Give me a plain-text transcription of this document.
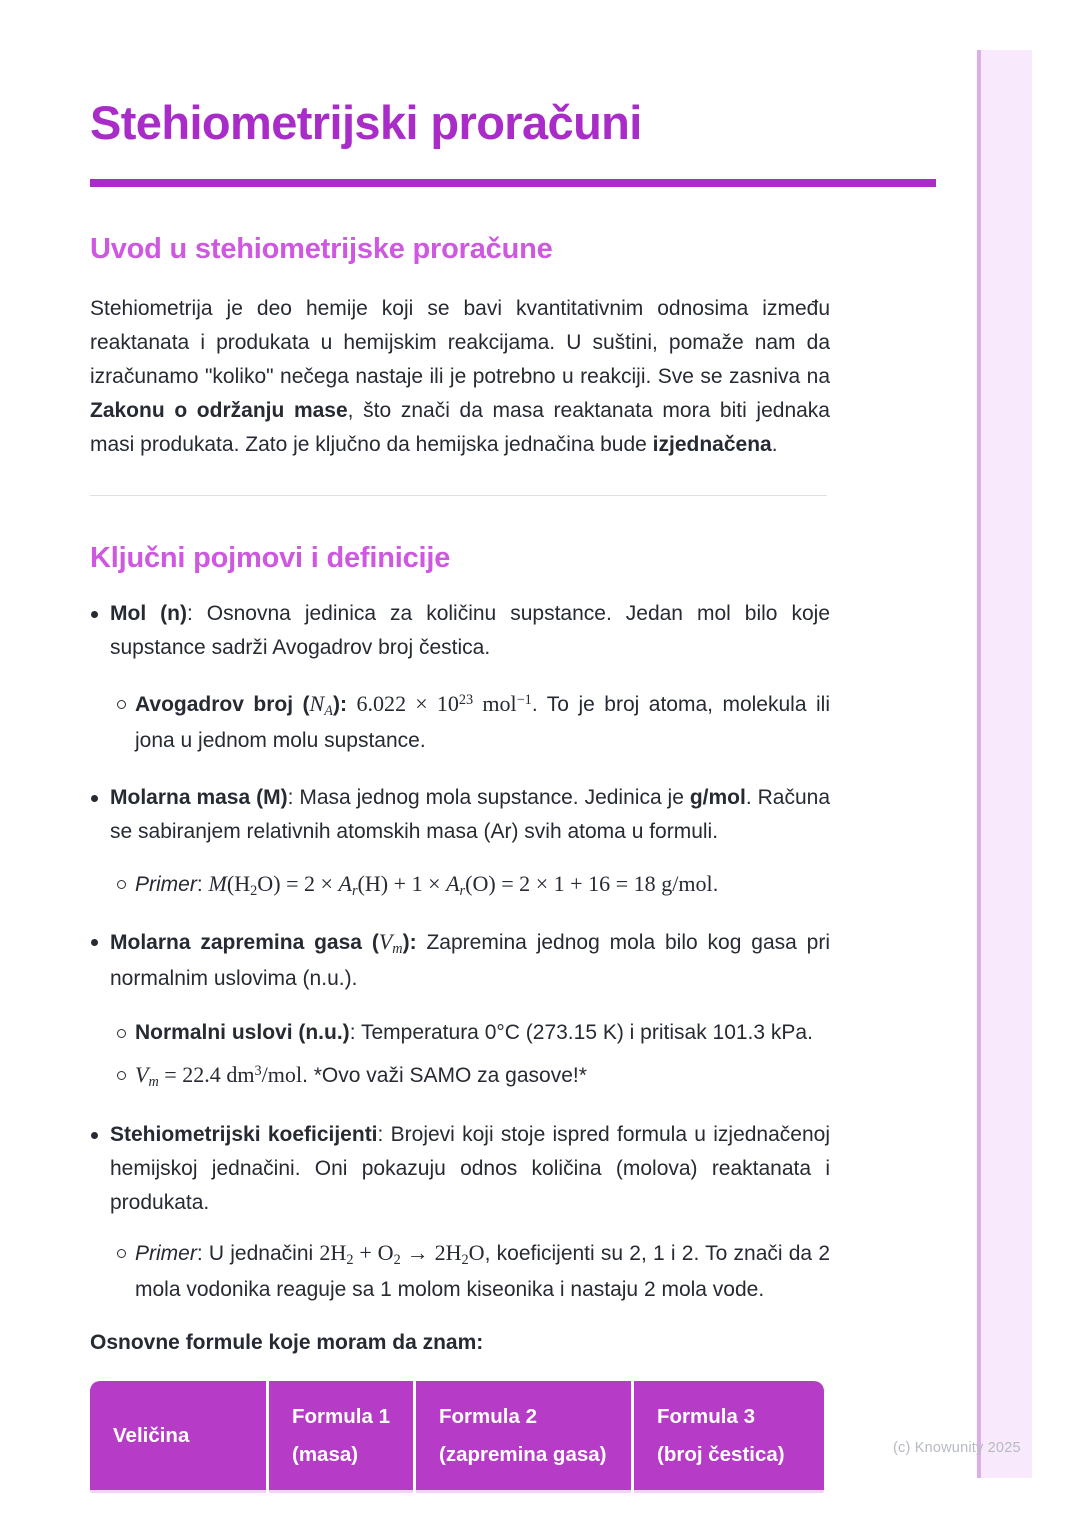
(c) Knowunity 2025
Stehiometrijski proračuni
Uvod u stehiometrijske proračune

Stehiometrija je deo hemije koji se bavi kvantitativnim odnosima između reaktanata i produkata u hemijskim reakcijama. U suštini, pomaže nam da izračunamo "koliko" nečega nastaje ili je potrebno u reakciji. Sve se zasniva na Zakonu o održanju mase, što znači da masa reaktanata mora biti jednaka masi produkata. Zato je ključno da hemijska jednačina bude izjednačena.

Ključni pojmovi i definicije
Mol (n): Osnovna jedinica za količinu supstance. Jedan mol bilo koje supstance sadrži Avogadrov broj čestica.
Avogadrov broj (NA): $6.022 \times 10^{23}$ mol$^{-1}$. To je broj atoma, molekula ili jona u jednom molu supstance.
Molarna masa (M): Masa jednog mola supstance. Jedinica je g/mol. Računa se sabiranjem relativnih atomskih masa (Ar) svih atoma u formuli.
Primer: M(H2O) = 2 × Ar(H) + 1 × Ar(O) = 2 × 1 + 16 = 18 g/mol.
Molarna zapremina gasa (Vm): Zapremina jednog mola bilo kog gasa pri normalnim uslovima (n.u.).
Normalni uslovi (n.u.): Temperatura 0°C (273.15 K) i pritisak 101.3 kPa.
Vm = 22.4 $dm^3$/mol. *Ovo važi SAMO za gasove!*
Stehiometrijski koeficijenti: Brojevi koji stoje ispred formula u izjednačenoj hemijskoj jednačini. Oni pokazuju odnos količina (molova) reaktanata i produkata.
Primer: U jednačini 2H2 + O2 → 2H2O, koeficijenti su 2, 1 i 2. To znači da 2 mola vodonika reaguje sa 1 molom kiseonika i nastaju 2 mola vode.

Osnovne formule koje moram da znam:

Veličina
Formula 1
(masa)
Formula 2
(zapremina gasa)
Formula 3
(broj čestica)
